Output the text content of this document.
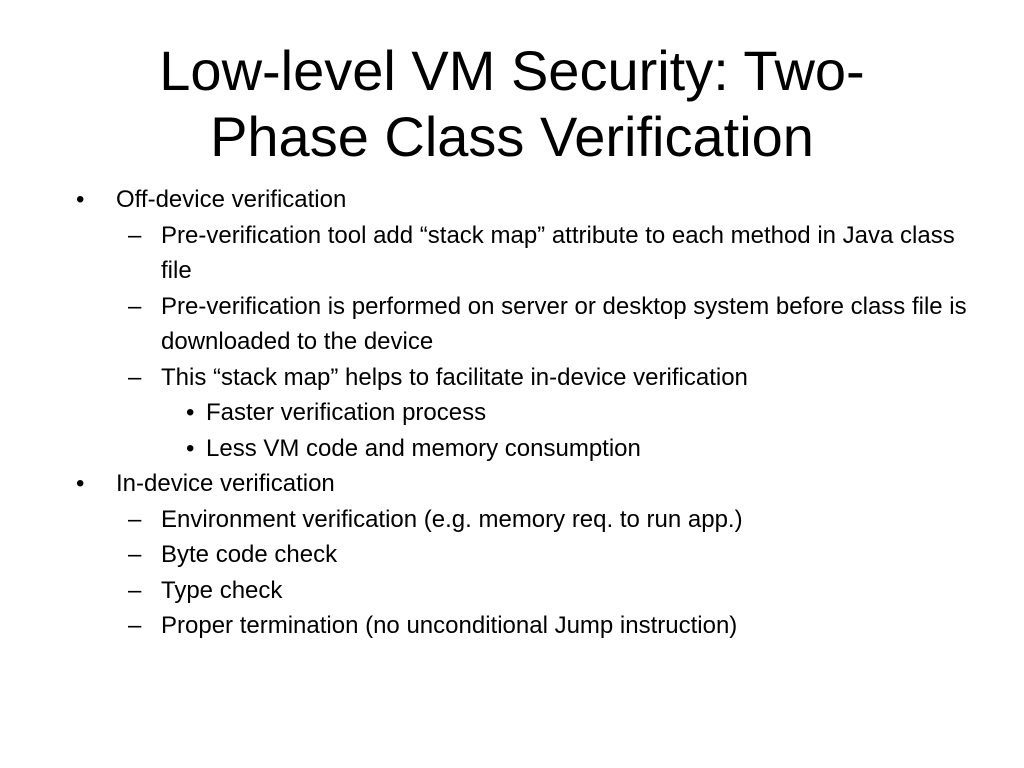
Low-level VM Security: Two-
Phase Class Verification
• Off-device verification
– Pre-verification tool add “stack map” attribute to each method in Java class file
– Pre-verification is performed on server or desktop system before class file is downloaded to the device
– This “stack map” helps to facilitate in-device verification
• Faster verification process
• Less VM code and memory consumption
• In-device verification
– Environment verification (e.g. memory req. to run app.)
– Byte code check
– Type check
– Proper termination (no unconditional Jump instruction)
